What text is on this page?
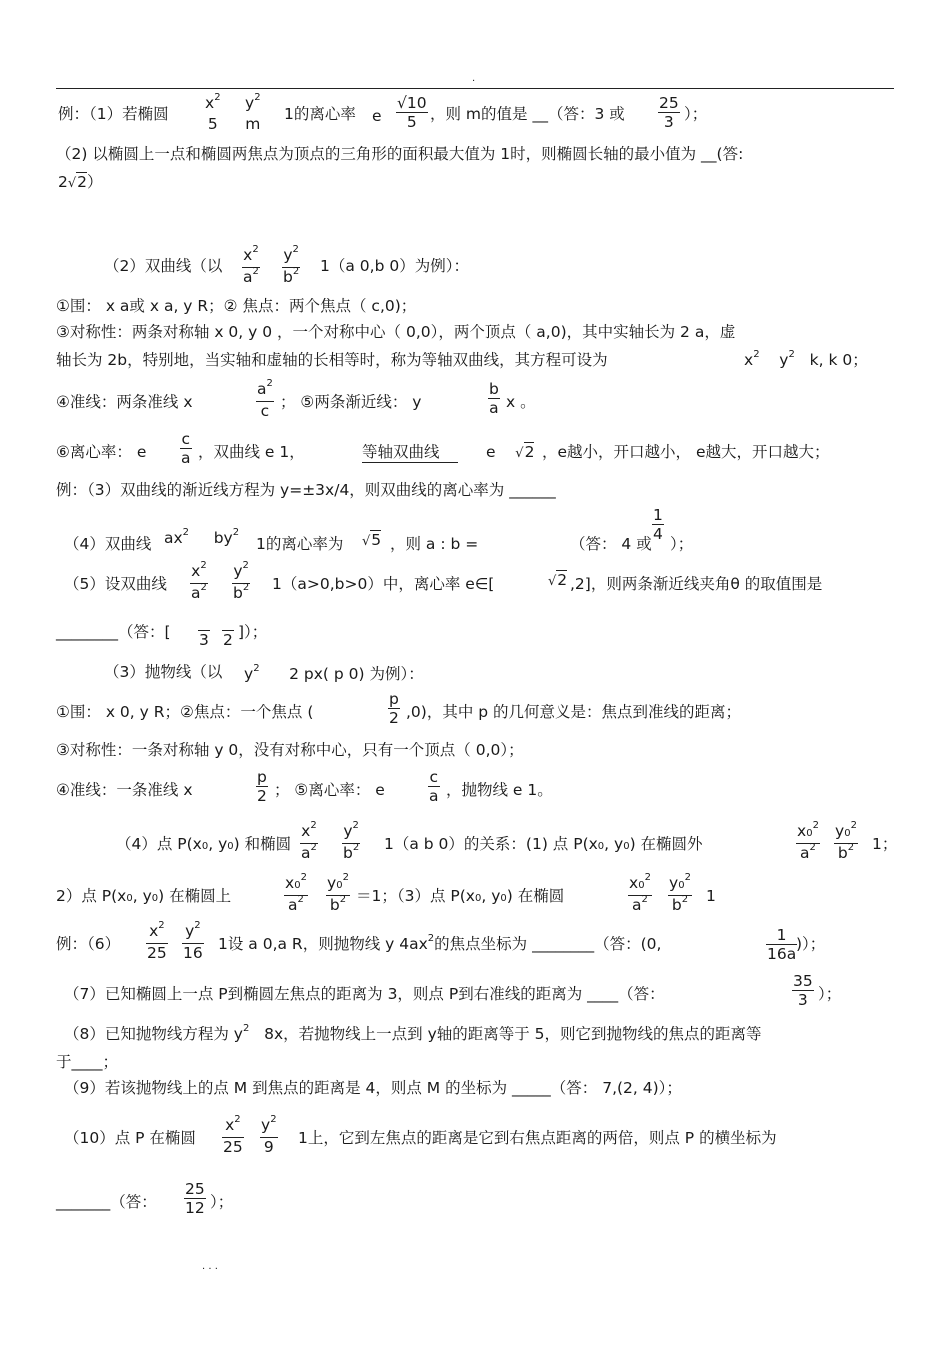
.
例：（1）若椭圆
$x^2$
5
$y^2$
m
1的离心率 e $\frac{√10}{5}$ ，则 m的值是 __（答：3 或 $\frac{25}{3}$ ）；
（2) 以椭圆上一点和椭圆两焦点为顶点的三角形的面积最大值为 1时，则椭圆长轴的最小值为 __(答:
2√2）
（2）双曲线（以 $\frac{x^2}{a^2} \frac{y^2}{b^2} 1(a$ 0,b 0）为例）：
①围： x a或 x a, y R；② 焦点：两个焦点（ c,0)；
③对称性：两条对称轴 x 0, y 0 ，一个对称中心（ 0,0），两个顶点（ a,0)，其中实轴长为 2 a，虚
轴长为 2b，特别地，当实轴和虚轴的长相等时，称为等轴双曲线，其方程可设为	$x^2$ $y^2$ k, k 0；
④准线：两条准线 x	$\frac{a^2}{c}$ ； ⑤两条渐近线： y	$\frac{b}{a}$ x 。
⑥离心率： e $\frac{c}{a}$ ，双曲线 e 1，	等轴双曲线	e √2 ，e越小，开口越小， e越大，开口越大；
例：（3）双曲线的渐近线方程为 y=±3x/4，则双曲线的离心率为 ______
$\frac{1}{4}$
（4）双曲线 $ax^2$ $by^2$
1的离心率为 √5 ，则 a : b =	（答： 4 或 ）；
（5）设双曲线 $\frac{x^2}{a^2} \frac{y^2}{b^2} 1(a>0,b>0)$中，离心率 e∈[	√2 ,2]，则两条渐近线夹角θ 的取值围是
________（答：[
3
2 ]）；
（3）抛物线（以 $y^2$ 2 px( p 0) 为例）：
①围： x 0, y R；②焦点：一个焦点 (	$\frac{p}{2} ,0$)，其中 p 的几何意义是：焦点到准线的距离；
③对称性：一条对称轴 y 0，没有对称中心，只有一个顶点（ 0,0）；
④准线：一条准线 x	$\frac{p}{2}$ ； ⑤离心率： e	$\frac{c}{a}$ ，抛物线 e 1。
（4）点 P(x0, y0) 和椭圆 $\frac{x^2}{a^2} \frac{y^2}{b^2} 1(a$ b 0）的关系：(1) 点 P(x0, y0) 在椭圆外	$\frac{x0^2}{a^2} \frac{y0^2}{b^2} 1$；
2）点 P(x0, y0) 在椭圆上	$\frac{x0^2}{a^2} \frac{y0^2}{b^2} =1$；（3）点 P(x0, y0) 在椭圆	$\frac{x0^2}{a^2} \frac{y0^2}{b^2} 1$
例：$(6) \frac{x^2}{25} \frac{y^2}{16} 1$设 a 0,a R，则抛物线 y $4ax^2$的焦点坐标为 ________（答：(0,	$\frac{1}{16a}$
)）；
（7）已知椭圆上一点 P到椭圆左焦点的距离为 3，则点 P到右准线的距离为 ____（答：	$\frac{35}{3}$ ）；
（8）已知抛物线方程为 $y^2$ 8x，若抛物线上一点到 y轴的距离等于 5，则它到抛物线的焦点的距离等
于____；
（9）若该抛物线上的点 M 到焦点的距离是 4，则点 M 的坐标为 _____（答： 7,(2, 4)）；
（10）点 P 在椭圆 $\frac{x^2}{25} \frac{y^2}{9} 1$上，它到左焦点的距离是它到右焦点距离的两倍，则点 P 的横坐标为
_______（答： $\frac{25}{12}$ ）；
. . .
